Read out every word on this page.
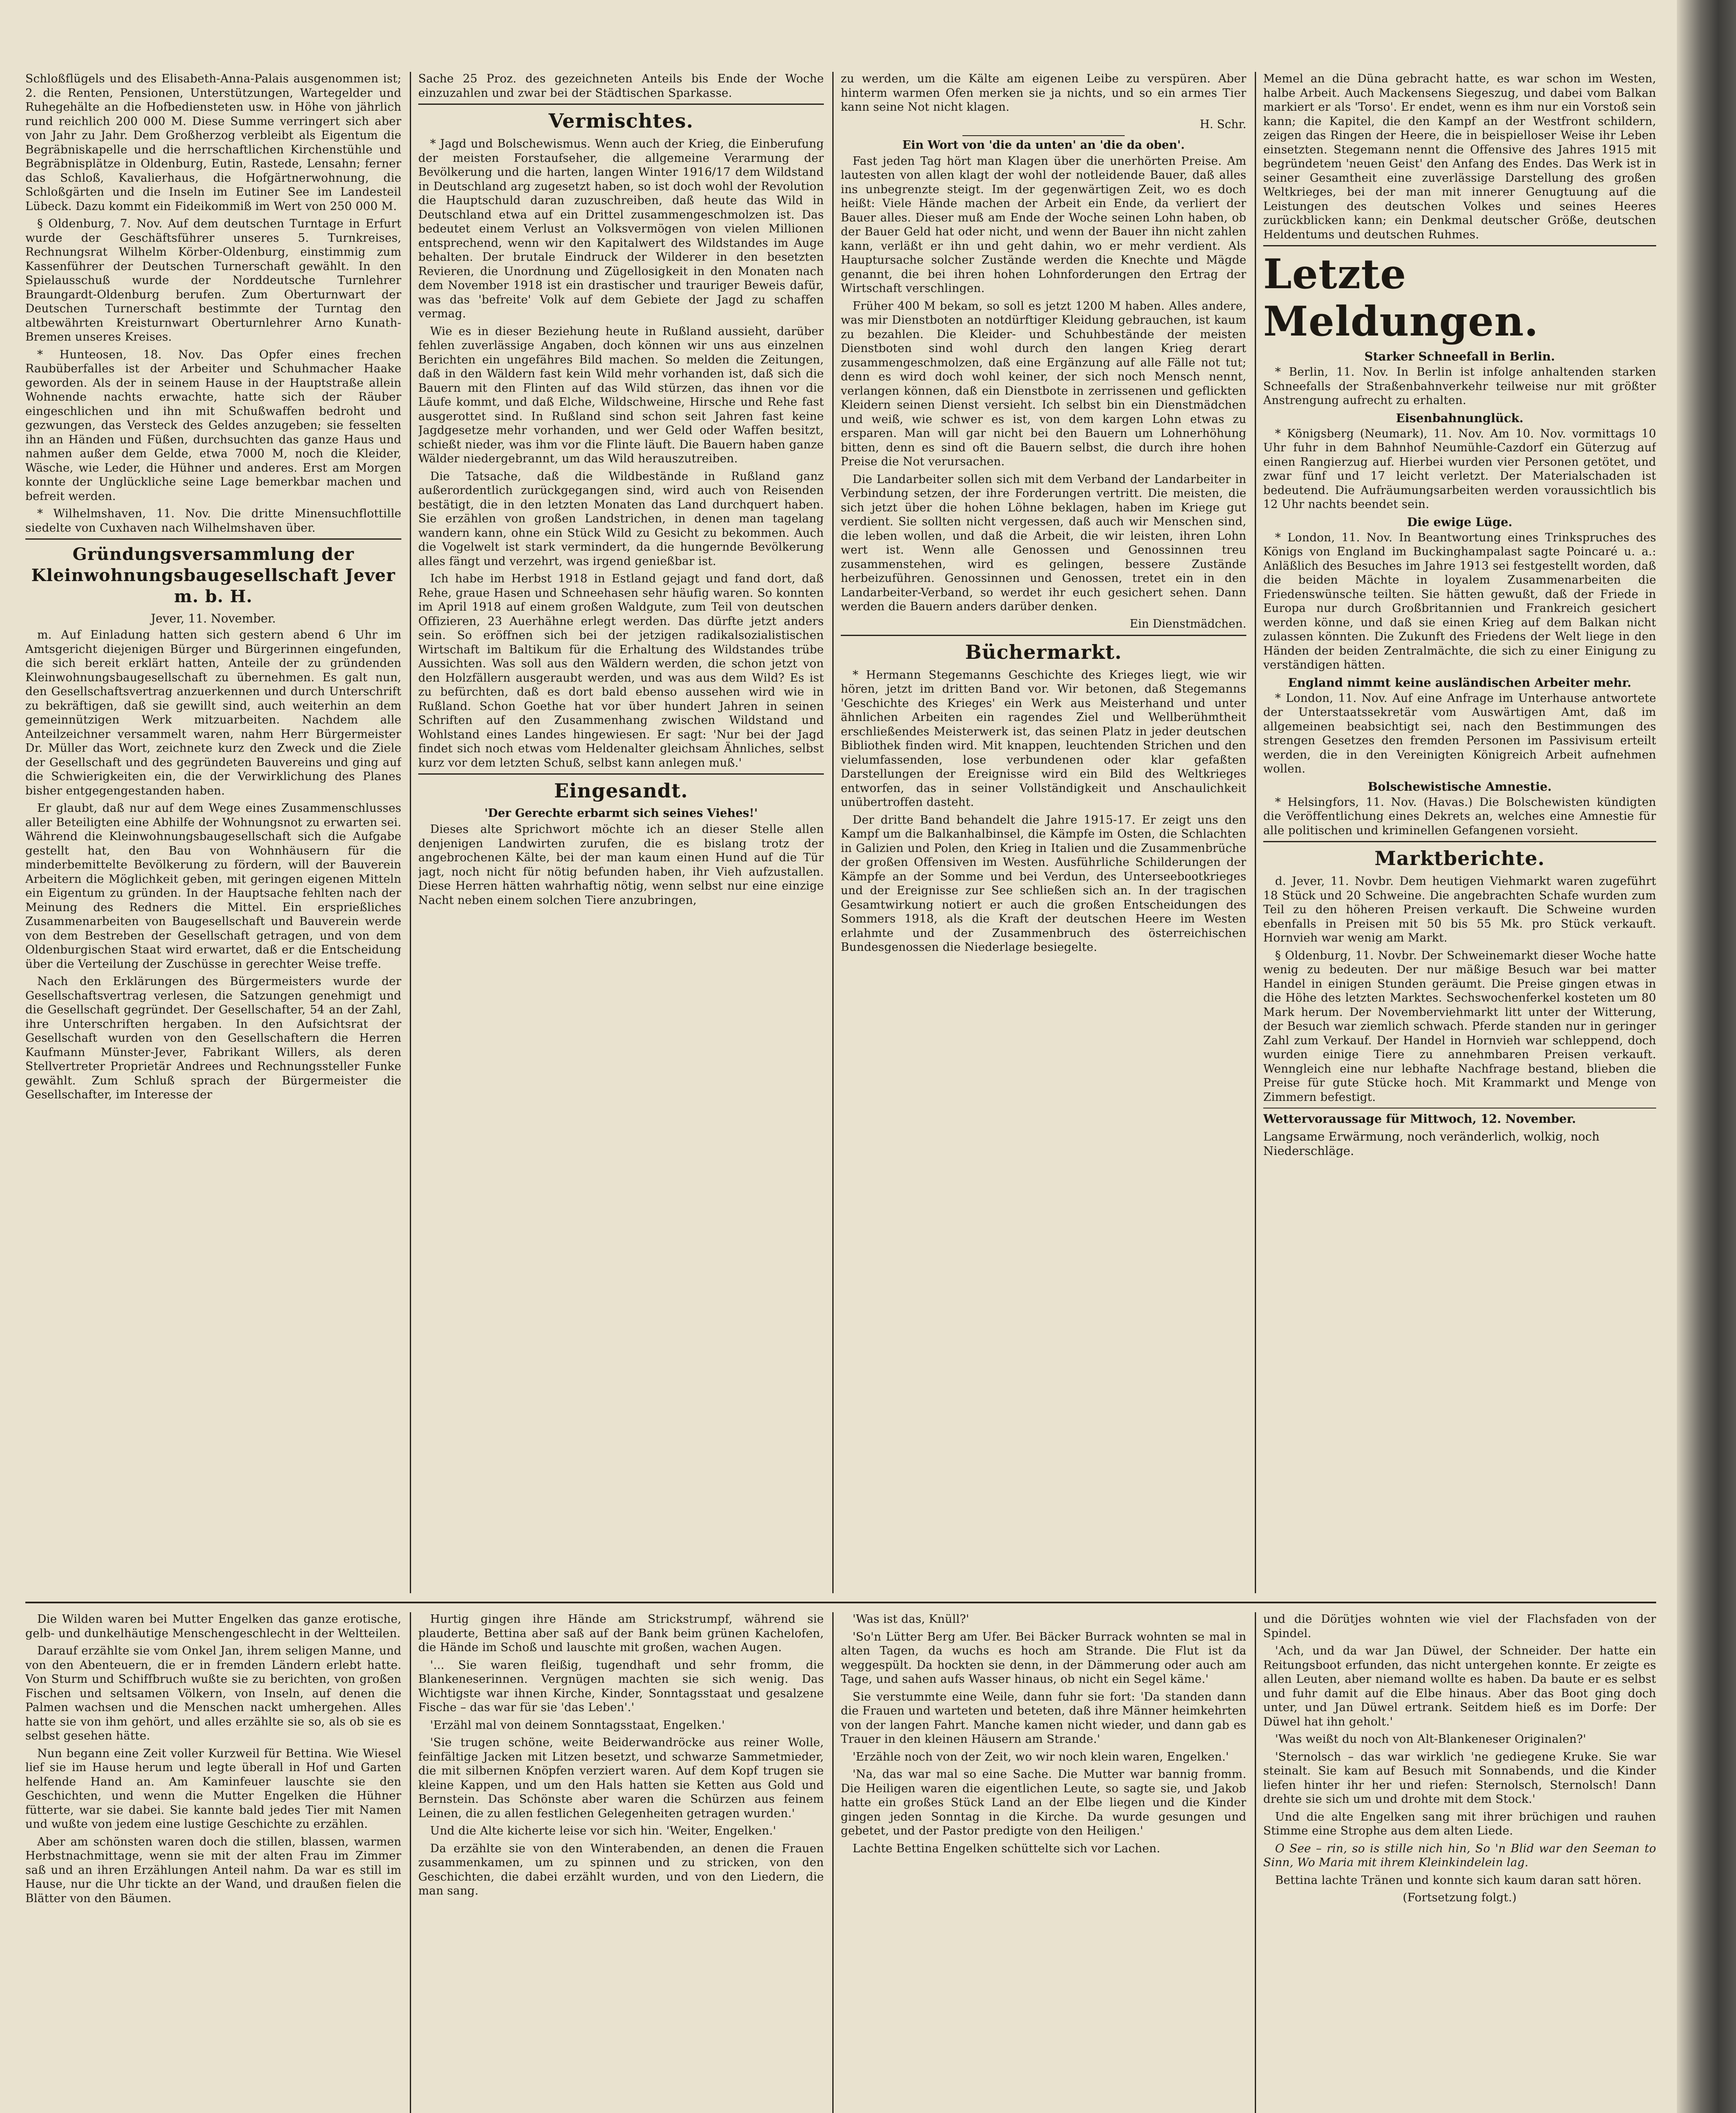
Schloßflügels und des Elisabeth-Anna-Palais ausgenommen ist; 2. die Renten, Pensionen, Unterstützungen, Wartegelder und Ruhegehälte an die Hofbediensteten usw. in Höhe von jährlich rund reichlich 200 000 M. Diese Summe verringert sich aber von Jahr zu Jahr. Dem Großherzog verbleibt als Eigentum die Begräbniskapelle und die herrschaftlichen Kirchenstühle und Begräbnisplätze in Oldenburg, Eutin, Rastede, Lensahn; ferner das Schloß, Kavalierhaus, die Hofgärtnerwohnung, die Schloßgärten und die Inseln im Eutiner See im Landesteil Lübeck. Dazu kommt ein Fideikommiß im Wert von 250 000 M.

§ Oldenburg, 7. Nov. Auf dem deutschen Turntage in Erfurt wurde der Geschäftsführer unseres 5. Turnkreises, Rechnungsrat Wilhelm Körber-Oldenburg, einstimmig zum Kassenführer der Deutschen Turnerschaft gewählt. In den Spielausschuß wurde der Norddeutsche Turnlehrer Braungardt-Oldenburg berufen. Zum Oberturnwart der Deutschen Turnerschaft bestimmte der Turntag den altbewährten Kreisturnwart Oberturnlehrer Arno Kunath-Bremen unseres Kreises.

* Hunteosen, 18. Nov. Das Opfer eines frechen Raubüberfalles ist der Arbeiter und Schuhmacher Haake geworden. Als der in seinem Hause in der Hauptstraße allein Wohnende nachts erwachte, hatte sich der Räuber eingeschlichen und ihn mit Schußwaffen bedroht und gezwungen, das Versteck des Geldes anzugeben; sie fesselten ihn an Händen und Füßen, durchsuchten das ganze Haus und nahmen außer dem Gelde, etwa 7000 M, noch die Kleider, Wäsche, wie Leder, die Hühner und anderes. Erst am Morgen konnte der Unglückliche seine Lage bemerkbar machen und befreit werden.

* Wilhelmshaven, 11. Nov. Die dritte Minensuchflottille siedelte von Cuxhaven nach Wilhelmshaven über.

Gründungsversammlung der Kleinwohnungsbaugesellschaft Jever m. b. H.
Jever, 11. November.

m. Auf Einladung hatten sich gestern abend 6 Uhr im Amtsgericht diejenigen Bürger und Bürgerinnen eingefunden, die sich bereit erklärt hatten, Anteile der zu gründenden Kleinwohnungsbaugesellschaft zu übernehmen. Es galt nun, den Gesellschaftsvertrag anzuerkennen und durch Unterschrift zu bekräftigen, daß sie gewillt sind, auch weiterhin an dem gemeinnützigen Werk mitzuarbeiten. Nachdem alle Anteilzeichner versammelt waren, nahm Herr Bürgermeister Dr. Müller das Wort, zeichnete kurz den Zweck und die Ziele der Gesellschaft und des gegründeten Bauvereins und ging auf die Schwierigkeiten ein, die der Verwirklichung des Planes bisher entgegengestanden haben.

Er glaubt, daß nur auf dem Wege eines Zusammenschlusses aller Beteiligten eine Abhilfe der Wohnungsnot zu erwarten sei. Während die Kleinwohnungsbaugesellschaft sich die Aufgabe gestellt hat, den Bau von Wohnhäusern für die minderbemittelte Bevölkerung zu fördern, will der Bauverein Arbeitern die Möglichkeit geben, mit geringen eigenen Mitteln ein Eigentum zu gründen. In der Hauptsache fehlten nach der Meinung des Redners die Mittel. Ein ersprießliches Zusammenarbeiten von Baugesellschaft und Bauverein werde von dem Bestreben der Gesellschaft getragen, und von dem Oldenburgischen Staat wird erwartet, daß er die Entscheidung über die Verteilung der Zuschüsse in gerechter Weise treffe.

Nach den Erklärungen des Bürgermeisters wurde der Gesellschaftsvertrag verlesen, die Satzungen genehmigt und die Gesellschaft gegründet. Der Gesellschafter, 54 an der Zahl, ihre Unterschriften hergaben. In den Aufsichtsrat der Gesellschaft wurden von den Gesellschaftern die Herren Kaufmann Münster-Jever, Fabrikant Willers, als deren Stellvertreter Proprietär Andrees und Rechnungssteller Funke gewählt. Zum Schluß sprach der Bürgermeister die Gesellschafter, im Interesse der

Sache 25 Proz. des gezeichneten Anteils bis Ende der Woche einzuzahlen und zwar bei der Städtischen Sparkasse.

Vermischtes.

* Jagd und Bolschewismus. Wenn auch der Krieg, die Einberufung der meisten Forstaufseher, die allgemeine Verarmung der Bevölkerung und die harten, langen Winter 1916/17 dem Wildstand in Deutschland arg zugesetzt haben, so ist doch wohl der Revolution die Hauptschuld daran zuzuschreiben, daß heute das Wild in Deutschland etwa auf ein Drittel zusammengeschmolzen ist. Das bedeutet einem Verlust an Volksvermögen von vielen Millionen entsprechend, wenn wir den Kapitalwert des Wildstandes im Auge behalten. Der brutale Eindruck der Wilderer in den besetzten Revieren, die Unordnung und Zügellosigkeit in den Monaten nach dem November 1918 ist ein drastischer und trauriger Beweis dafür, was das 'befreite' Volk auf dem Gebiete der Jagd zu schaffen vermag.

Wie es in dieser Beziehung heute in Rußland aussieht, darüber fehlen zuverlässige Angaben, doch können wir uns aus einzelnen Berichten ein ungefähres Bild machen. So melden die Zeitungen, daß in den Wäldern fast kein Wild mehr vorhanden ist, daß sich die Bauern mit den Flinten auf das Wild stürzen, das ihnen vor die Läufe kommt, und daß Elche, Wildschweine, Hirsche und Rehe fast ausgerottet sind. In Rußland sind schon seit Jahren fast keine Jagdgesetze mehr vorhanden, und wer Geld oder Waffen besitzt, schießt nieder, was ihm vor die Flinte läuft. Die Bauern haben ganze Wälder niedergebrannt, um das Wild herauszutreiben.

Die Tatsache, daß die Wildbestände in Rußland ganz außerordentlich zurückgegangen sind, wird auch von Reisenden bestätigt, die in den letzten Monaten das Land durchquert haben. Sie erzählen von großen Landstrichen, in denen man tagelang wandern kann, ohne ein Stück Wild zu Gesicht zu bekommen. Auch die Vogelwelt ist stark vermindert, da die hungernde Bevölkerung alles fängt und verzehrt, was irgend genießbar ist.

Ich habe im Herbst 1918 in Estland gejagt und fand dort, daß Rehe, graue Hasen und Schneehasen sehr häufig waren. So konnten im April 1918 auf einem großen Waldgute, zum Teil von deutschen Offizieren, 23 Auerhähne erlegt werden. Das dürfte jetzt anders sein. So eröffnen sich bei der jetzigen radikalsozialistischen Wirtschaft im Baltikum für die Erhaltung des Wildstandes trübe Aussichten. Was soll aus den Wäldern werden, die schon jetzt von den Holzfällern ausgeraubt werden, und was aus dem Wild? Es ist zu befürchten, daß es dort bald ebenso aussehen wird wie in Rußland. Schon Goethe hat vor über hundert Jahren in seinen Schriften auf den Zusammenhang zwischen Wildstand und Wohlstand eines Landes hingewiesen. Er sagt: 'Nur bei der Jagd findet sich noch etwas vom Heldenalter gleichsam Ähnliches, selbst kurz vor dem letzten Schuß, selbst kann anlegen muß.'

Eingesandt.
'Der Gerechte erbarmt sich seines Viehes!'

Dieses alte Sprichwort möchte ich an dieser Stelle allen denjenigen Landwirten zurufen, die es bislang trotz der angebrochenen Kälte, bei der man kaum einen Hund auf die Tür jagt, noch nicht für nötig befunden haben, ihr Vieh aufzustallen. Diese Herren hätten wahrhaftig nötig, wenn selbst nur eine einzige Nacht neben einem solchen Tiere anzubringen,

zu werden, um die Kälte am eigenen Leibe zu verspüren. Aber hinterm warmen Ofen merken sie ja nichts, und so ein armes Tier kann seine Not nicht klagen.

H. Schr.
Ein Wort von 'die da unten' an 'die da oben'.

Fast jeden Tag hört man Klagen über die unerhörten Preise. Am lautesten von allen klagt der wohl der notleidende Bauer, daß alles ins unbegrenzte steigt. Im der gegenwärtigen Zeit, wo es doch heißt: Viele Hände machen der Arbeit ein Ende, da verliert der Bauer alles. Dieser muß am Ende der Woche seinen Lohn haben, ob der Bauer Geld hat oder nicht, und wenn der Bauer ihn nicht zahlen kann, verläßt er ihn und geht dahin, wo er mehr verdient. Als Hauptursache solcher Zustände werden die Knechte und Mägde genannt, die bei ihren hohen Lohnforderungen den Ertrag der Wirtschaft verschlingen.

Früher 400 M bekam, so soll es jetzt 1200 M haben. Alles andere, was mir Dienstboten an notdürftiger Kleidung gebrauchen, ist kaum zu bezahlen. Die Kleider- und Schuhbestände der meisten Dienstboten sind wohl durch den langen Krieg derart zusammengeschmolzen, daß eine Ergänzung auf alle Fälle not tut; denn es wird doch wohl keiner, der sich noch Mensch nennt, verlangen können, daß ein Dienstbote in zerrissenen und geflickten Kleidern seinen Dienst versieht. Ich selbst bin ein Dienstmädchen und weiß, wie schwer es ist, von dem kargen Lohn etwas zu ersparen. Man will gar nicht bei den Bauern um Lohnerhöhung bitten, denn es sind oft die Bauern selbst, die durch ihre hohen Preise die Not verursachen.

Die Landarbeiter sollen sich mit dem Verband der Landarbeiter in Verbindung setzen, der ihre Forderungen vertritt. Die meisten, die sich jetzt über die hohen Löhne beklagen, haben im Kriege gut verdient. Sie sollten nicht vergessen, daß auch wir Menschen sind, die leben wollen, und daß die Arbeit, die wir leisten, ihren Lohn wert ist. Wenn alle Genossen und Genossinnen treu zusammenstehen, wird es gelingen, bessere Zustände herbeizuführen. Genossinnen und Genossen, tretet ein in den Landarbeiter-Verband, so werdet ihr euch gesichert sehen. Dann werden die Bauern anders darüber denken.

Ein Dienstmädchen.
Büchermarkt.

* Hermann Stegemanns Geschichte des Krieges liegt, wie wir hören, jetzt im dritten Band vor. Wir betonen, daß Stegemanns 'Geschichte des Krieges' ein Werk aus Meisterhand und unter ähnlichen Arbeiten ein ragendes Ziel und Wellberühmtheit erschließendes Meisterwerk ist, das seinen Platz in jeder deutschen Bibliothek finden wird. Mit knappen, leuchtenden Strichen und den vielumfassenden, lose verbundenen oder klar gefaßten Darstellungen der Ereignisse wird ein Bild des Weltkrieges entworfen, das in seiner Vollständigkeit und Anschaulichkeit unübertroffen dasteht.

Der dritte Band behandelt die Jahre 1915-17. Er zeigt uns den Kampf um die Balkanhalbinsel, die Kämpfe im Osten, die Schlachten in Galizien und Polen, den Krieg in Italien und die Zusammenbrüche der großen Offensiven im Westen. Ausführliche Schilderungen der Kämpfe an der Somme und bei Verdun, des Unterseebootkrieges und der Ereignisse zur See schließen sich an. In der tragischen Gesamtwirkung notiert er auch die großen Entscheidungen des Sommers 1918, als die Kraft der deutschen Heere im Westen erlahmte und der Zusammenbruch des österreichischen Bundesgenossen die Niederlage besiegelte.

Memel an die Düna gebracht hatte, es war schon im Westen, halbe Arbeit. Auch Mackensens Siegeszug, und dabei vom Balkan markiert er als 'Torso'. Er endet, wenn es ihm nur ein Vorstoß sein kann; die Kapitel, die den Kampf an der Westfront schildern, zeigen das Ringen der Heere, die in beispielloser Weise ihr Leben einsetzten. Stegemann nennt die Offensive des Jahres 1915 mit begründetem 'neuen Geist' den Anfang des Endes. Das Werk ist in seiner Gesamtheit eine zuverlässige Darstellung des großen Weltkrieges, bei der man mit innerer Genugtuung auf die Leistungen des deutschen Volkes und seines Heeres zurückblicken kann; ein Denkmal deutscher Größe, deutschen Heldentums und deutschen Ruhmes.

Letzte Meldungen.
Starker Schneefall in Berlin.

* Berlin, 11. Nov. In Berlin ist infolge anhaltenden starken Schneefalls der Straßenbahnverkehr teilweise nur mit größter Anstrengung aufrecht zu erhalten.

Eisenbahnunglück.

* Königsberg (Neumark), 11. Nov. Am 10. Nov. vormittags 10 Uhr fuhr in dem Bahnhof Neumühle-Cazdorf ein Güterzug auf einen Rangierzug auf. Hierbei wurden vier Personen getötet, und zwar fünf und 17 leicht verletzt. Der Materialschaden ist bedeutend. Die Aufräumungsarbeiten werden voraussichtlich bis 12 Uhr nachts beendet sein.

Die ewige Lüge.

* London, 11. Nov. In Beantwortung eines Trinkspruches des Königs von England im Buckinghampalast sagte Poincaré u. a.: Anläßlich des Besuches im Jahre 1913 sei festgestellt worden, daß die beiden Mächte in loyalem Zusammenarbeiten die Friedenswünsche teilten. Sie hätten gewußt, daß der Friede in Europa nur durch Großbritannien und Frankreich gesichert werden könne, und daß sie einen Krieg auf dem Balkan nicht zulassen könnten. Die Zukunft des Friedens der Welt liege in den Händen der beiden Zentralmächte, die sich zu einer Einigung zu verständigen hätten.

England nimmt keine ausländischen Arbeiter mehr.

* London, 11. Nov. Auf eine Anfrage im Unterhause antwortete der Unterstaatssekretär vom Auswärtigen Amt, daß im allgemeinen beabsichtigt sei, nach den Bestimmungen des strengen Gesetzes den fremden Personen im Passivisum erteilt werden, die in den Vereinigten Königreich Arbeit aufnehmen wollen.

Bolschewistische Amnestie.

* Helsingfors, 11. Nov. (Havas.) Die Bolschewisten kündigten die Veröffentlichung eines Dekrets an, welches eine Amnestie für alle politischen und kriminellen Gefangenen vorsieht.

Marktberichte.

d. Jever, 11. Novbr. Dem heutigen Viehmarkt waren zugeführt 18 Stück und 20 Schweine. Die angebrachten Schafe wurden zum Teil zu den höheren Preisen verkauft. Die Schweine wurden ebenfalls in Preisen mit 50 bis 55 Mk. pro Stück verkauft. Hornvieh war wenig am Markt.

§ Oldenburg, 11. Novbr. Der Schweinemarkt dieser Woche hatte wenig zu bedeuten. Der nur mäßige Besuch war bei matter Handel in einigen Stunden geräumt. Die Preise gingen etwas in die Höhe des letzten Marktes. Sechswochenferkel kosteten um 80 Mark herum. Der Novemberviehmarkt litt unter der Witterung, der Besuch war ziemlich schwach. Pferde standen nur in geringer Zahl zum Verkauf. Der Handel in Hornvieh war schleppend, doch wurden einige Tiere zu annehmbaren Preisen verkauft. Wenngleich eine nur lebhafte Nachfrage bestand, blieben die Preise für gute Stücke hoch. Mit Krammarkt und Menge von Zimmern befestigt.

Wettervoraussage für Mittwoch, 12. November.
Langsame Erwärmung, noch veränderlich, wolkig, noch Niederschläge.

Die Wilden waren bei Mutter Engelken das ganze erotische, gelb- und dunkelhäutige Menschengeschlecht in der Weltteilen.

Darauf erzählte sie vom Onkel Jan, ihrem seligen Manne, und von den Abenteuern, die er in fremden Ländern erlebt hatte. Von Sturm und Schiffbruch wußte sie zu berichten, von großen Fischen und seltsamen Völkern, von Inseln, auf denen die Palmen wachsen und die Menschen nackt umhergehen. Alles hatte sie von ihm gehört, und alles erzählte sie so, als ob sie es selbst gesehen hätte.

Nun begann eine Zeit voller Kurzweil für Bettina. Wie Wiesel lief sie im Hause herum und legte überall in Hof und Garten helfende Hand an. Am Kaminfeuer lauschte sie den Geschichten, und wenn die Mutter Engelken die Hühner fütterte, war sie dabei. Sie kannte bald jedes Tier mit Namen und wußte von jedem eine lustige Geschichte zu erzählen.

Aber am schönsten waren doch die stillen, blassen, warmen Herbstnachmittage, wenn sie mit der alten Frau im Zimmer saß und an ihren Erzählungen Anteil nahm. Da war es still im Hause, nur die Uhr tickte an der Wand, und draußen fielen die Blätter von den Bäumen.

Hurtig gingen ihre Hände am Strickstrumpf, während sie plauderte, Bettina aber saß auf der Bank beim grünen Kachelofen, die Hände im Schoß und lauschte mit großen, wachen Augen.

'... Sie waren fleißig, tugendhaft und sehr fromm, die Blankeneserinnen. Vergnügen machten sie sich wenig. Das Wichtigste war ihnen Kirche, Kinder, Sonntagsstaat und gesalzene Fische – das war für sie 'das Leben'.'

'Erzähl mal von deinem Sonntagsstaat, Engelken.'

'Sie trugen schöne, weite Beiderwandröcke aus reiner Wolle, feinfältige Jacken mit Litzen besetzt, und schwarze Sammetmieder, die mit silbernen Knöpfen verziert waren. Auf dem Kopf trugen sie kleine Kappen, und um den Hals hatten sie Ketten aus Gold und Bernstein. Das Schönste aber waren die Schürzen aus feinem Leinen, die zu allen festlichen Gelegenheiten getragen wurden.'

Und die Alte kicherte leise vor sich hin. 'Weiter, Engelken.'

Da erzählte sie von den Winterabenden, an denen die Frauen zusammenkamen, um zu spinnen und zu stricken, von den Geschichten, die dabei erzählt wurden, und von den Liedern, die man sang.

'Was ist das, Knüll?'

'So'n Lütter Berg am Ufer. Bei Bäcker Burrack wohnten se mal in alten Tagen, da wuchs es hoch am Strande. Die Flut ist da weggespült. Da hockten sie denn, in der Dämmerung oder auch am Tage, und sahen aufs Wasser hinaus, ob nicht ein Segel käme.'

Sie verstummte eine Weile, dann fuhr sie fort: 'Da standen dann die Frauen und warteten und beteten, daß ihre Männer heimkehrten von der langen Fahrt. Manche kamen nicht wieder, und dann gab es Trauer in den kleinen Häusern am Strande.'

'Erzähle noch von der Zeit, wo wir noch klein waren, Engelken.'

'Na, das war mal so eine Sache. Die Mutter war bannig fromm. Die Heiligen waren die eigentlichen Leute, so sagte sie, und Jakob hatte ein großes Stück Land an der Elbe liegen und die Kinder gingen jeden Sonntag in die Kirche. Da wurde gesungen und gebetet, und der Pastor predigte von den Heiligen.'

Lachte Bettina Engelken schüttelte sich vor Lachen.

und die Dörütjes wohnten wie viel der Flachsfaden von der Spindel.

'Ach, und da war Jan Düwel, der Schneider. Der hatte ein Reitungsboot erfunden, das nicht untergehen konnte. Er zeigte es allen Leuten, aber niemand wollte es haben. Da baute er es selbst und fuhr damit auf die Elbe hinaus. Aber das Boot ging doch unter, und Jan Düwel ertrank. Seitdem hieß es im Dorfe: Der Düwel hat ihn geholt.'

'Was weißt du noch von Alt-Blankeneser Originalen?'

'Sternolsch – das war wirklich 'ne gediegene Kruke. Sie war steinalt. Sie kam auf Besuch mit Sonnabends, und die Kinder liefen hinter ihr her und riefen: Sternolsch, Sternolsch! Dann drehte sie sich um und drohte mit dem Stock.'

Und die alte Engelken sang mit ihrer brüchigen und rauhen Stimme eine Strophe aus dem alten Liede.

O See – rin, so is stille nich hin, So 'n Blid war den Seeman to Sinn, Wo Maria mit ihrem Kleinkindelein lag.

Bettina lachte Tränen und konnte sich kaum daran satt hören.

(Fortsetzung folgt.)
